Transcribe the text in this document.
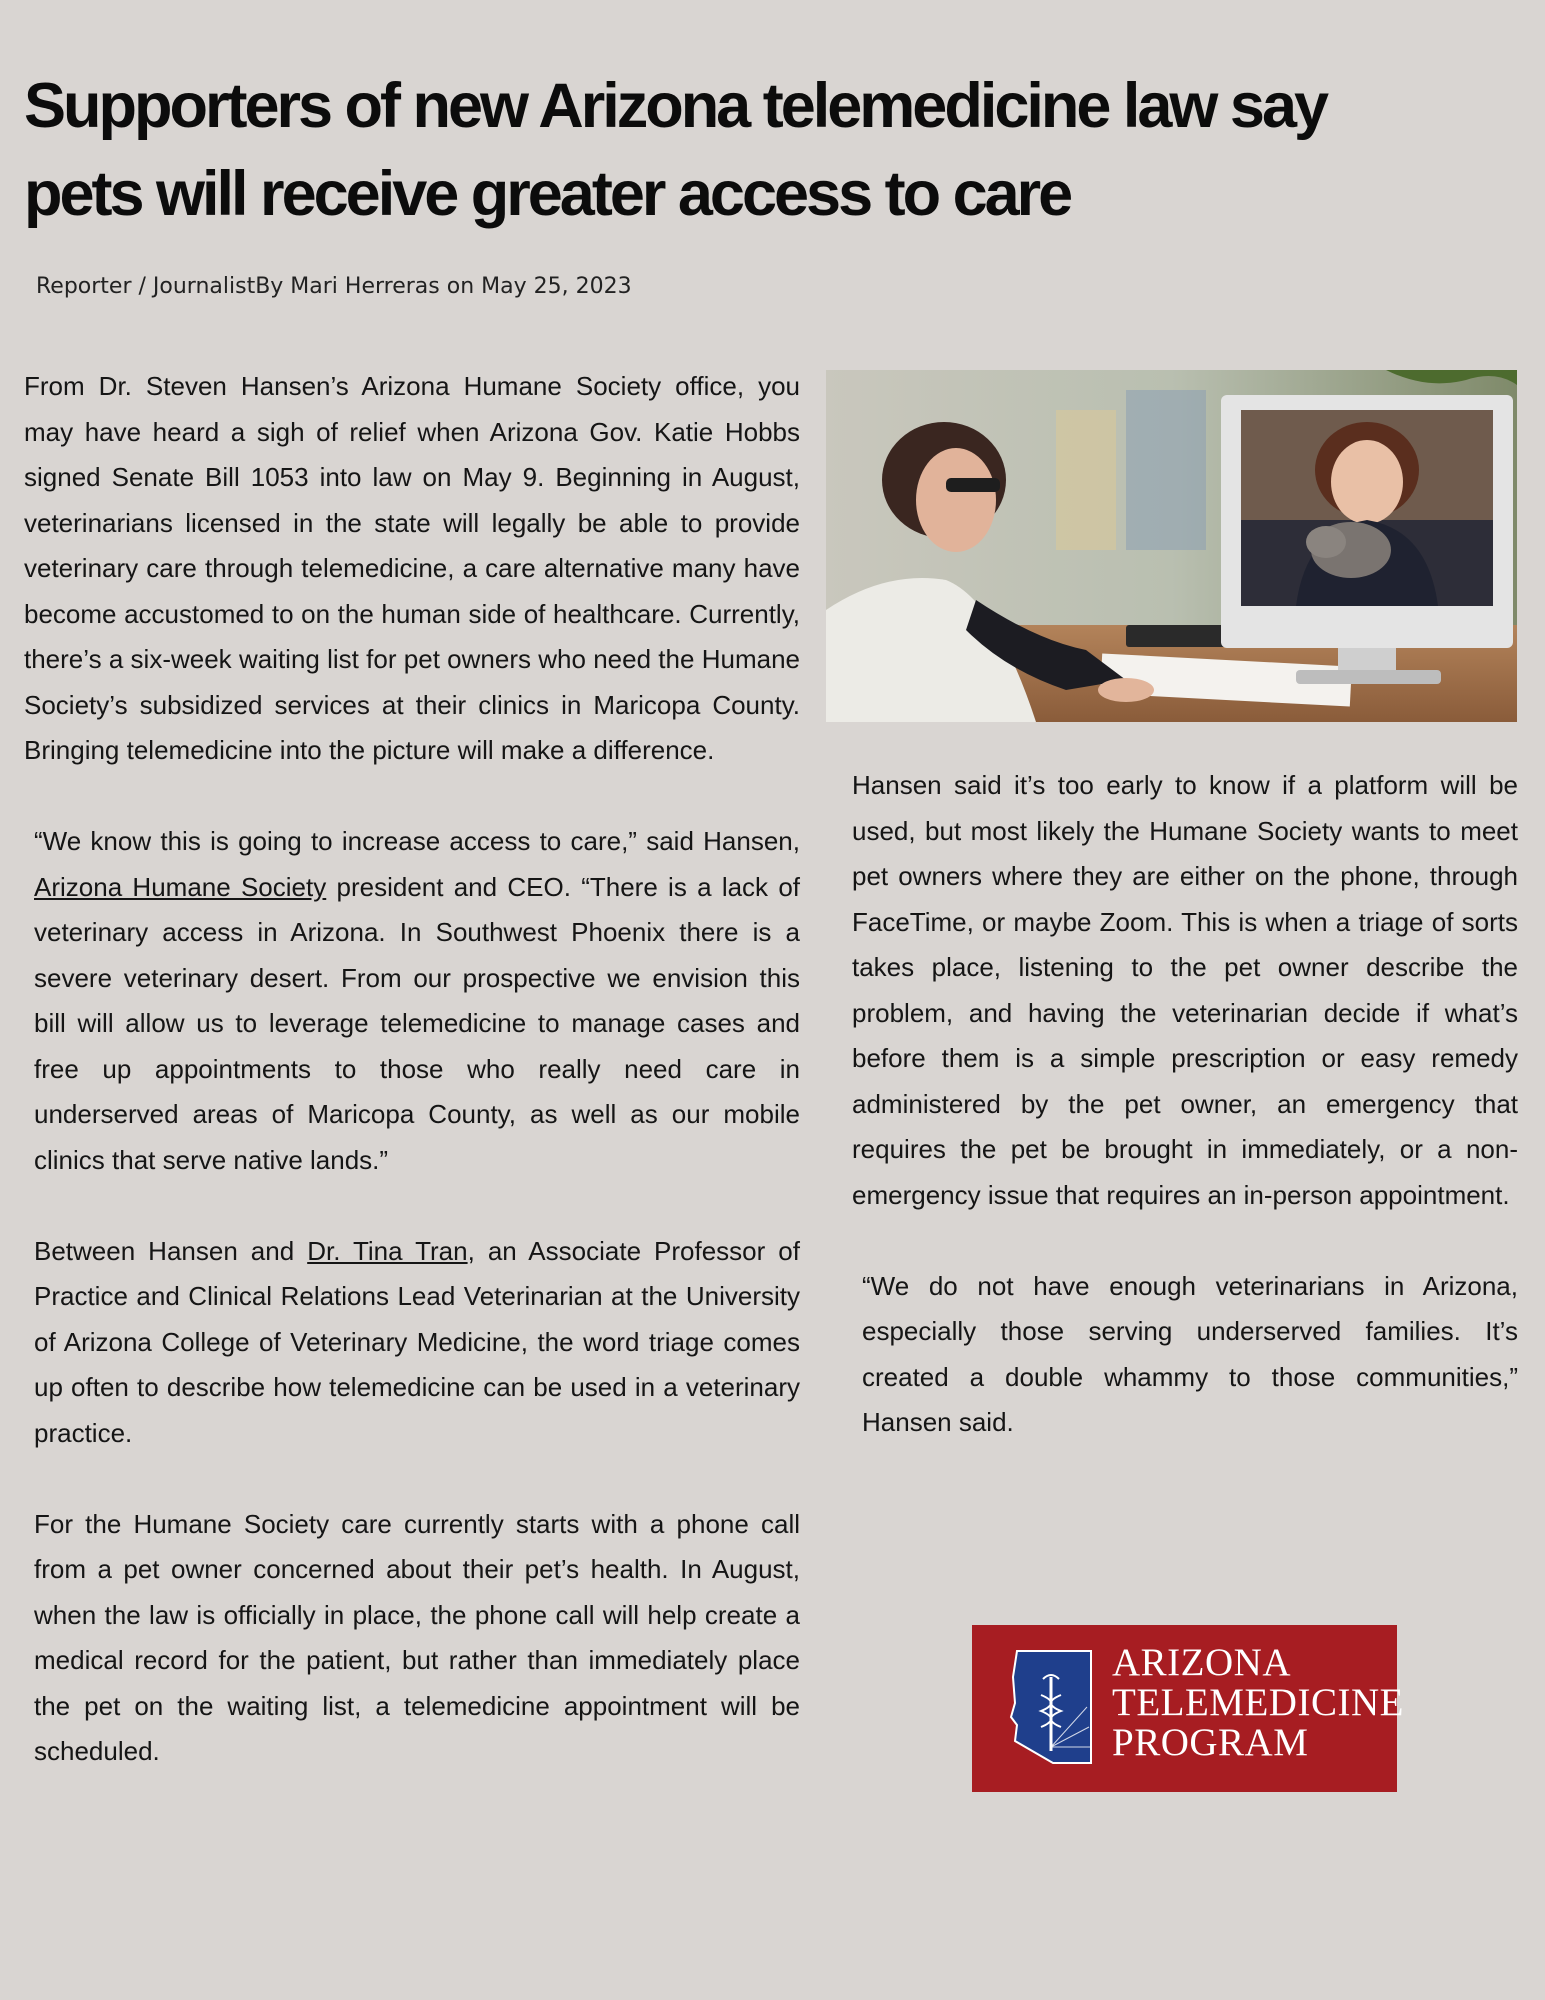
Supporters of new Arizona telemedicine law say
pets will receive greater access to care

Reporter / JournalistBy Mari Herreras on May 25, 2023

From Dr. Steven Hansen’s Arizona Humane Society office, you may have heard a sigh of relief when Arizona Gov. Katie Hobbs signed Senate Bill 1053 into law on May 9. Beginning in August, veterinarians licensed in the state will legally be able to provide veterinary care through telemedicine, a care alternative many have become accustomed to on the human side of healthcare. Currently, there’s a six-week waiting list for pet owners who need the Humane Society’s subsidized services at their clinics in Maricopa County. Bringing telemedicine into the picture will make a difference.

“We know this is going to increase access to care,” said Hansen, Arizona Humane Society president and CEO. “There is a lack of veterinary access in Arizona. In Southwest Phoenix there is a severe veterinary desert. From our prospective we envision this bill will allow us to leverage telemedicine to manage cases and free up appointments to those who really need care in underserved areas of Maricopa County, as well as our mobile clinics that serve native lands.”

Between Hansen and Dr. Tina Tran, an Associate Professor of Practice and Clinical Relations Lead Veterinarian at the University of Arizona College of Veterinary Medicine, the word triage comes up often to describe how telemedicine can be used in a veterinary practice.

For the Humane Society care currently starts with a phone call from a pet owner concerned about their pet’s health. In August, when the law is officially in place, the phone call will help create a medical record for the patient, but rather than immediately place the pet on the waiting list, a telemedicine appointment will be scheduled.

Hansen said it’s too early to know if a platform will be used, but most likely the Humane Society wants to meet pet owners where they are either on the phone, through FaceTime, or maybe Zoom. This is when a triage of sorts takes place, listening to the pet owner describe the problem, and having the veterinarian decide if what’s before them is a simple prescription or easy remedy administered by the pet owner, an emergency that requires the pet be brought in immediately, or a non-emergency issue that requires an in-person appointment.

“We do not have enough veterinarians in Arizona, especially those serving underserved families. It’s created a double whammy to those communities,” Hansen said.

ARIZONA
TELEMEDICINE
PROGRAM
